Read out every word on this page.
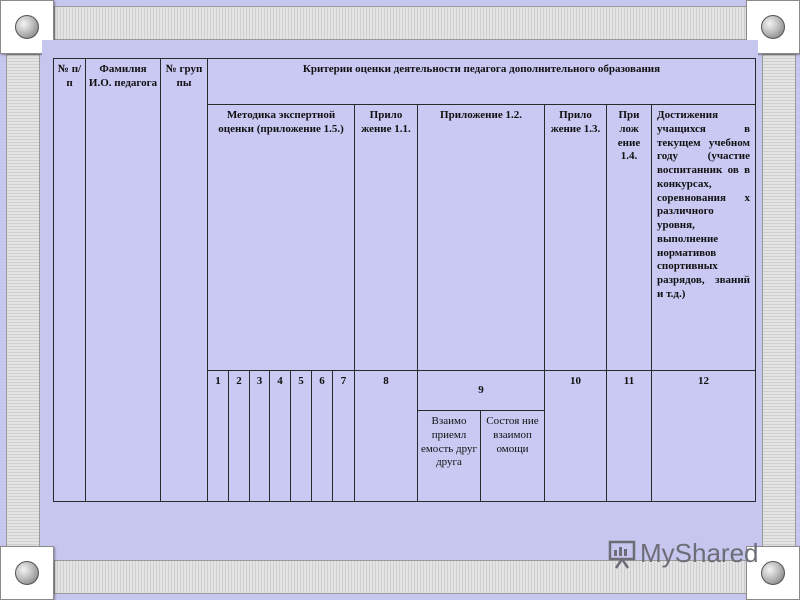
№ п/ п	Фамилия И.О. педагога	№ груп пы	Критерии оценки деятельности педагога дополнительного образования												
			Методика экспертной оценки (приложение 1.5.)							Прило жение 1.1.	Приложение 1.2.		Прило жение 1.3.	При лож ение 1.4.	Достижения учащихся в текущем учебном году (участие воспитанник ов в конкурсах, соревнования х различного уровня, выполнение нормативов спортивных разрядов, званий и т.д.)
			1	2	3	4	5	6	7	8	9		10	11	12
											Взаимо приемл емость друг друга	Состоя ние взаимоп омощи			
MyShared
